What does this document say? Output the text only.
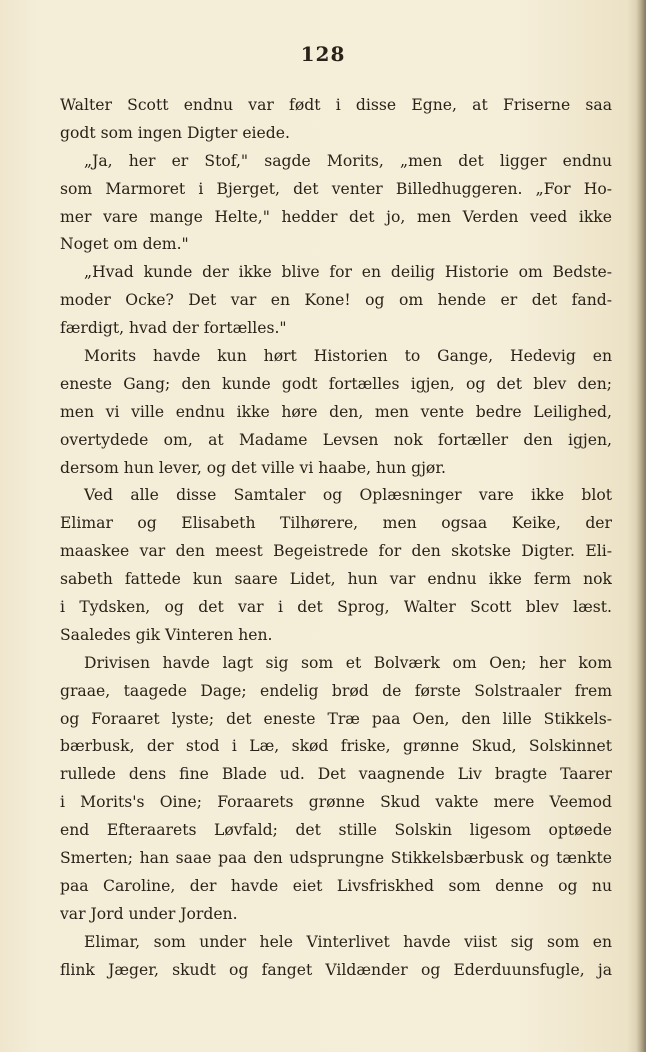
128
Walter Scott endnu var født i disse Egne, at Friserne saa
godt som ingen Digter eiede.
„Ja, her er Stof," sagde Morits, „men det ligger endnu
som Marmoret i Bjerget, det venter Billedhuggeren. „For Ho-
mer vare mange Helte," hedder det jo, men Verden veed ikke
Noget om dem."
„Hvad kunde der ikke blive for en deilig Historie om Bedste-
moder Ocke? Det var en Kone! og om hende er det fand-
færdigt, hvad der fortælles."
Morits havde kun hørt Historien to Gange, Hedevig en
eneste Gang; den kunde godt fortælles igjen, og det blev den;
men vi ville endnu ikke høre den, men vente bedre Leilighed,
overtydede om, at Madame Levsen nok fortæller den igjen,
dersom hun lever, og det ville vi haabe, hun gjør.
Ved alle disse Samtaler og Oplæsninger vare ikke blot
Elimar og Elisabeth Tilhørere, men ogsaa Keike, der
maaskee var den meest Begeistrede for den skotske Digter. Eli-
sabeth fattede kun saare Lidet, hun var endnu ikke ferm nok
i Tydsken, og det var i det Sprog, Walter Scott blev læst.
Saaledes gik Vinteren hen.
Drivisen havde lagt sig som et Bolværk om Oen; her kom
graae, taagede Dage; endelig brød de første Solstraaler frem
og Foraaret lyste; det eneste Træ paa Oen, den lille Stikkels-
bærbusk, der stod i Læ, skød friske, grønne Skud, Solskinnet
rullede dens fine Blade ud. Det vaagnende Liv bragte Taarer
i Morits's Oine; Foraarets grønne Skud vakte mere Veemod
end Efteraarets Løvfald; det stille Solskin ligesom optøede
Smerten; han saae paa den udsprungne Stikkelsbærbusk og tænkte
paa Caroline, der havde eiet Livsfriskhed som denne og nu
var Jord under Jorden.
Elimar, som under hele Vinterlivet havde viist sig som en
flink Jæger, skudt og fanget Vildænder og Ederduunsfugle, ja
